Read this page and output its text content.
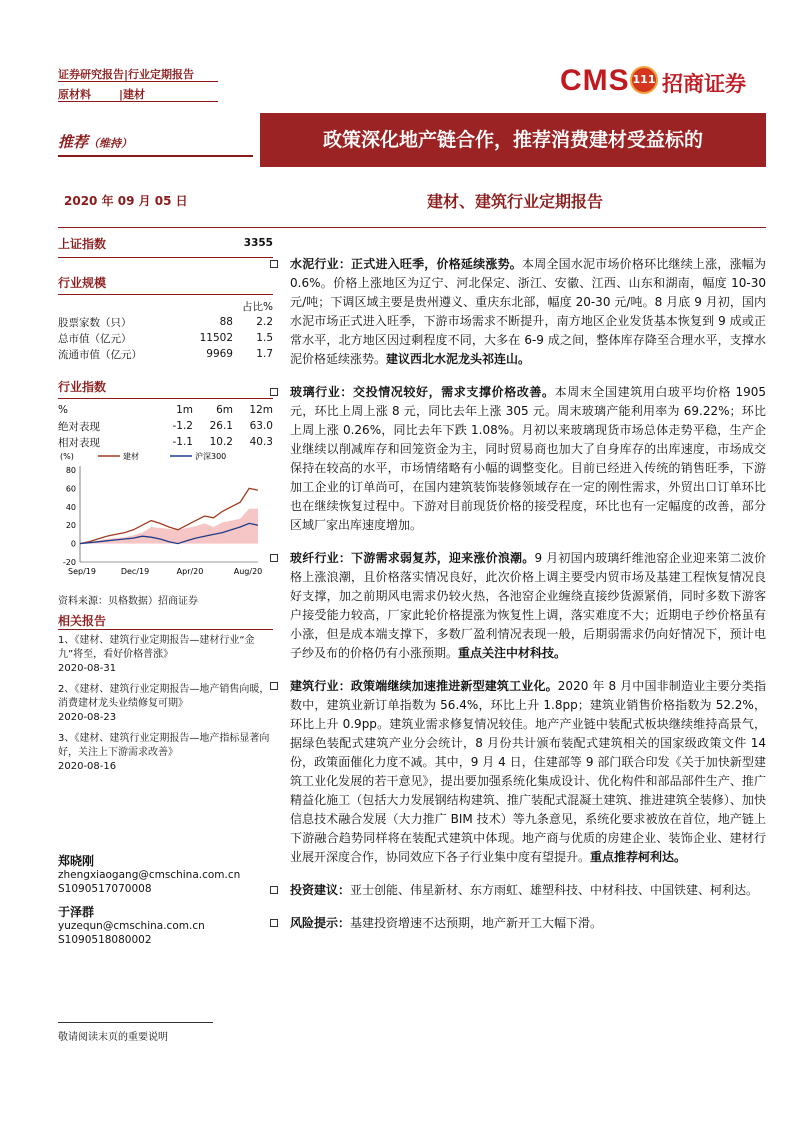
证券研究报告|行业定期报告
原材料	|建材	CMS 111 招商证券
推荐（维持）	政策深化地产链合作，推荐消费建材受益标的
2020 年 09 月 05 日	建材、建筑行业定期报告
上证指数	3355
行业规模
占比%
股票家数（只）	88	2.2
总市值（亿元）	11502	1.5
流通市值（亿元）	9969	1.7
行业指数
%	1m	6m	12m
绝对表现	-1.2	26.1	63.0
相对表现	-1.1	10.2	40.3
(%)	建材	沪深300
80
60
40
20
0
-20
Sep/19	Dec/19	Apr/20	Aug/20
资料来源：贝格数据）招商证券
相关报告
1、《建材、建筑行业定期报告—建材行业“金九”将至，看好价格普涨》
2020-08-31
2、《建材、建筑行业定期报告—地产销售向暖，消费建材龙头业绩修复可期》
2020-08-23
3、《建材、建筑行业定期报告—地产指标显著向好，关注上下游需求改善》
2020-08-16
郑晓刚
zhengxiaogang@cmschina.com.cn
S1090517070008
于泽群
yuzequn@cmschina.com.cn
S1090518080002
水泥行业：正式进入旺季，价格延续涨势。本周全国水泥市场价格环比继续上涨，涨幅为 0.6%。价格上涨地区为辽宁、河北保定、浙江、安徽、江西、山东和湖南，幅度 10-30 元/吨；下调区域主要是贵州遵义、重庆东北部，幅度 20-30 元/吨。8 月底 9 月初，国内水泥市场正式进入旺季，下游市场需求不断提升，南方地区企业发货基本恢复到 9 成或正常水平，北方地区因过剩程度不同，大多在 6-9 成之间，整体库存降至合理水平，支撑水泥价格延续涨势。建议西北水泥龙头祁连山。
玻璃行业：交投情况较好，需求支撑价格改善。本周末全国建筑用白玻平均价格 1905 元，环比上周上涨 8 元，同比去年上涨 305 元。周末玻璃产能利用率为 69.22%；环比上周上涨 0.26%，同比去年下跌 1.08%。月初以来玻璃现货市场总体走势平稳，生产企业继续以削减库存和回笼资金为主，同时贸易商也加大了自身库存的出库速度，市场成交保持在较高的水平，市场情绪略有小幅的调整变化。目前已经进入传统的销售旺季，下游加工企业的订单尚可，在国内建筑装饰装修领域存在一定的刚性需求，外贸出口订单环比也在继续恢复过程中。下游对目前现货价格的接受程度，环比也有一定幅度的改善，部分区域厂家出库速度增加。
玻纤行业：下游需求弱复苏，迎来涨价浪潮。9 月初国内玻璃纤维池窑企业迎来第二波价格上涨浪潮，且价格落实情况良好，此次价格上调主要受内贸市场及基建工程恢复情况良好支撑，加之前期风电需求仍较火热，各池窑企业缠绕直接纱货源紧俏，同时多数下游客户接受能力较高，厂家此轮价格提涨为恢复性上调，落实难度不大；近期电子纱价格虽有小涨，但是成本端支撑下，多数厂盈利情况表现一般，后期弱需求仍向好情况下，预计电子纱及布的价格仍有小涨预期。重点关注中材科技。
建筑行业：政策端继续加速推进新型建筑工业化。2020 年 8 月中国非制造业主要分类指数中，建筑业新订单指数为 56.4%，环比上升 1.8pp；建筑业销售价格指数为 52.2%，环比上升 0.9pp。建筑业需求修复情况较佳。地产产业链中装配式板块继续维持高景气，据绿色装配式建筑产业分会统计，8 月份共计颁布装配式建筑相关的国家级政策文件 14 份，政策面催化力度不减。其中，9 月 4 日，住建部等 9 部门联合印发《关于加快新型建筑工业化发展的若干意见》，提出要加强系统化集成设计、优化构件和部品部件生产、推广精益化施工（包括大力发展钢结构建筑、推广装配式混凝土建筑、推进建筑全装修）、加快信息技术融合发展（大力推广 BIM 技术）等九条意见，系统化要求被放在首位，地产链上下游融合趋势同样将在装配式建筑中体现。地产商与优质的房建企业、装饰企业、建材行业展开深度合作，协同效应下各子行业集中度有望提升。重点推荐柯利达。
投资建议：亚士创能、伟星新材、东方雨虹、雄塑科技、中材科技、中国铁建、柯利达。
风险提示：基建投资增速不达预期，地产新开工大幅下滑。
敬请阅读末页的重要说明
